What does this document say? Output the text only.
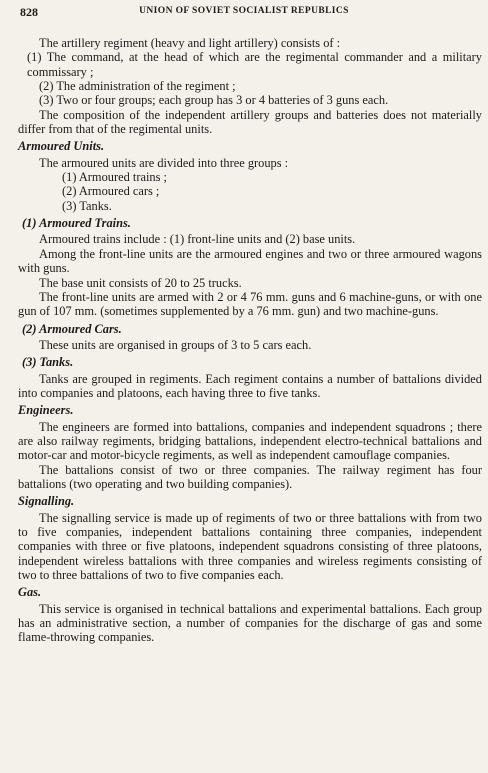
828	UNION OF SOVIET SOCIALIST REPUBLICS

The artillery regiment (heavy and light artillery) consists of :

(1) The command, at the head of which are the regimental commander and a military commissary ;

(2) The administration of the regiment ;

(3) Two or four groups; each group has 3 or 4 batteries of 3 guns each.

The composition of the independent artillery groups and batteries does not materially differ from that of the regimental units.

Armoured Units.

The armoured units are divided into three groups :

(1) Armoured trains ;

(2) Armoured cars ;

(3) Tanks.

(1) Armoured Trains.

Armoured trains include : (1) front-line units and (2) base units.

Among the front-line units are the armoured engines and two or three armoured wagons with guns.

The base unit consists of 20 to 25 trucks.

The front-line units are armed with 2 or 4 76 mm. guns and 6 machine-guns, or with one gun of 107 mm. (sometimes supplemented by a 76 mm. gun) and two machine-guns.

(2) Armoured Cars.

These units are organised in groups of 3 to 5 cars each.

(3) Tanks.

Tanks are grouped in regiments. Each regiment contains a number of battalions divided into companies and platoons, each having three to five tanks.

Engineers.

The engineers are formed into battalions, companies and independent squadrons ; there are also railway regiments, bridging battalions, independent electro-technical battalions and motor-car and motor-bicycle regiments, as well as independent camouflage companies.

The battalions consist of two or three companies. The railway regiment has four battalions (two operating and two building companies).

Signalling.

The signalling service is made up of regiments of two or three battalions with from two to five companies, independent battalions containing three companies, independent companies with three or five platoons, independent squadrons consisting of three platoons, independent wireless battalions with three companies and wireless regiments consisting of two to three battalions of two to five companies each.

Gas.

This service is organised in technical battalions and experimental battalions. Each group has an administrative section, a number of companies for the discharge of gas and some flame-throwing companies.
